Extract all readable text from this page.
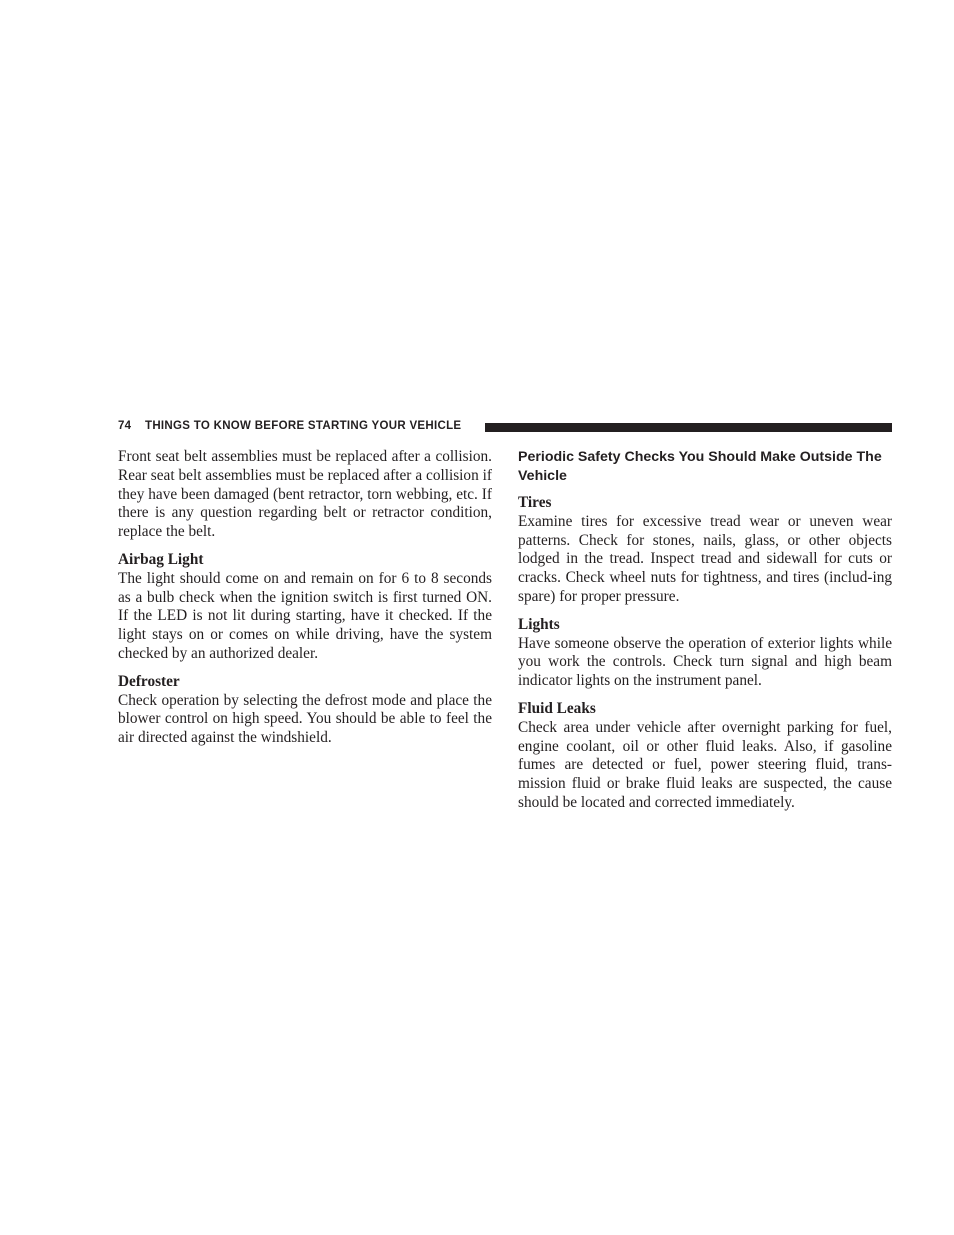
74 THINGS TO KNOW BEFORE STARTING YOUR VEHICLE

Front seat belt assemblies must be replaced after a collision. Rear seat belt assemblies must be replaced after a collision if they have been damaged (bent retractor, torn webbing, etc. If there is any question regarding belt or retractor condition, replace the belt.

Airbag Light

The light should come on and remain on for 6 to 8 seconds as a bulb check when the ignition switch is first turned ON. If the LED is not lit during starting, have it checked. If the light stays on or comes on while driving, have the system checked by an authorized dealer.

Defroster

Check operation by selecting the defrost mode and place the blower control on high speed. You should be able to feel the air directed against the windshield.

Periodic Safety Checks You Should Make Outside The Vehicle
Tires

Examine tires for excessive tread wear or uneven wear patterns. Check for stones, nails, glass, or other objects lodged in the tread. Inspect tread and sidewall for cuts or cracks. Check wheel nuts for tightness, and tires (includ-ing spare) for proper pressure.

Lights

Have someone observe the operation of exterior lights while you work the controls. Check turn signal and high beam indicator lights on the instrument panel.

Fluid Leaks

Check area under vehicle after overnight parking for fuel, engine coolant, oil or other fluid leaks. Also, if gasoline fumes are detected or fuel, power steering fluid, trans-mission fluid or brake fluid leaks are suspected, the cause should be located and corrected immediately.
